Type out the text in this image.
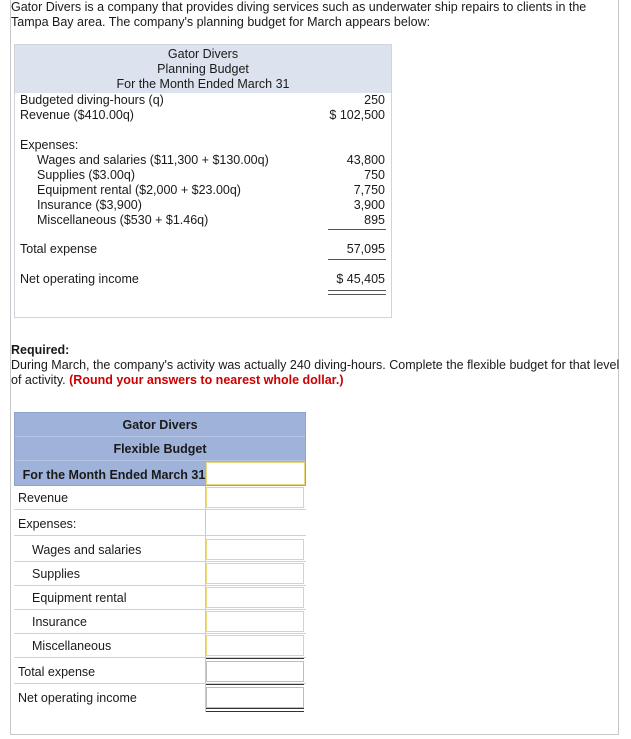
Gator Divers is a company that provides diving services such as underwater ship repairs to clients in the Tampa Bay area. The company's planning budget for March appears below:
Gator Divers
Planning Budget
For the Month Ended March 31
Budgeted diving-hours (q)	250
Revenue ($410.00q)	$ 102,500
Expenses:
Wages and salaries ($11,300 + $130.00q)	43,800
Supplies ($3.00q)	750
Equipment rental ($2,000 + $23.00q)	7,750
Insurance ($3,900)	3,900
Miscellaneous ($530 + $1.46q)	895
Total expense	57,095
Net operating income	$ 45,405
Required:
During March, the company's activity was actually 240 diving-hours. Complete the flexible budget for that level of activity. (Round your answers to nearest whole dollar.)
Gator Divers
Flexible Budget
For the Month Ended March 31
Revenue
Expenses:
Wages and salaries
Supplies
Equipment rental
Insurance
Miscellaneous
Total expense
Net operating income
